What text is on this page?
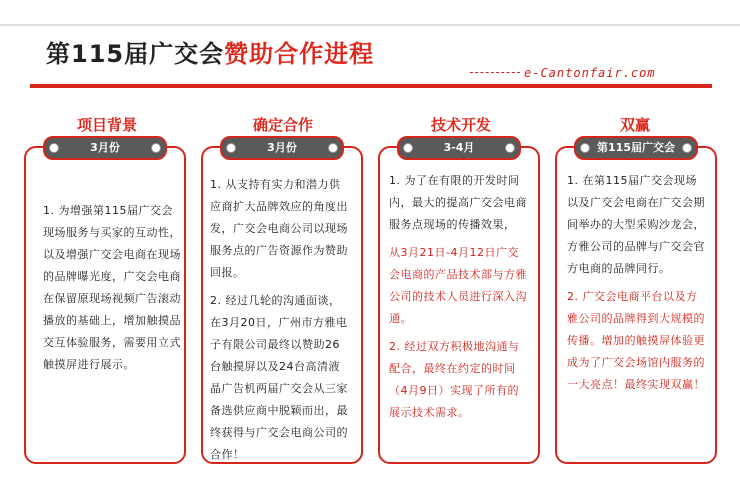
第115届广交会赞助合作进程
e-Cantonfair.com
项目背景
3月份

1. 为增强第115届广交会现场服务与买家的互动性，以及增强广交会电商在现场的品牌曝光度，广交会电商在保留原现场视频广告滚动播放的基础上，增加触摸品交互体验服务，需要用立式触摸屏进行展示。

确定合作
3月份

1. 从支持有实力和潜力供应商扩大品牌效应的角度出发，广交会电商公司以现场服务点的广告资源作为赞助回报。

2. 经过几轮的沟通面谈，在3月20日，广州市方雅电子有限公司最终以赞助26台触摸屏以及24台高清液晶广告机两届广交会从三家备选供应商中脱颖而出，最终获得与广交会电商公司的合作！

技术开发
3-4月

1. 为了在有限的开发时间内，最大的提高广交会电商服务点现场的传播效果，

从3月21日-4月12日广交会电商的产品技术部与方雅公司的技术人员进行深入沟通。

2. 经过双方积极地沟通与配合，最终在约定的时间（4月9日）实现了所有的展示技术需求。

双赢
第115届广交会

1. 在第115届广交会现场以及广交会电商在广交会期间举办的大型采购沙龙会，方雅公司的品牌与广交会官方电商的品牌同行。

2. 广交会电商平台以及方雅公司的品牌得到大规模的传播。增加的触摸屏体验更成为了广交会场馆内服务的一大亮点！最终实现双赢！
